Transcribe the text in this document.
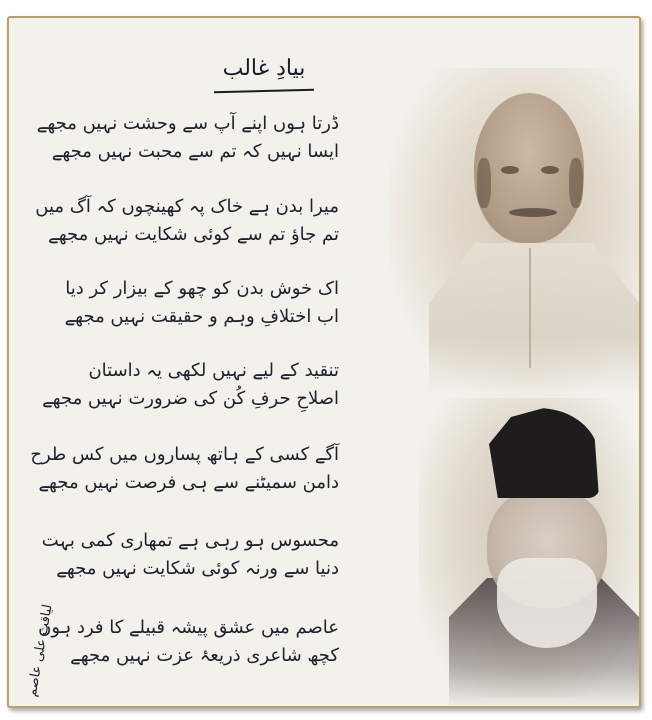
بیادِ غالب
ڈرتا ہوں اپنے آپ سے وحشت نہیں مجھے
ایسا نہیں کہ تم سے محبت نہیں مجھے
میرا بدن ہے خاک پہ کھینچوں کہ آگ میں
تم جاؤ تم سے کوئی شکایت نہیں مجھے
اک خوش بدن کو چھو کے بیزار کر دیا
اب اختلافِ وہم و حقیقت نہیں مجھے
تنقید کے لیے نہیں لکھی یہ داستان
اصلاحِ حرفِ کُن کی ضرورت نہیں مجھے
آگے کسی کے ہاتھ پساروں میں کس طرح
دامن سمیٹنے سے ہی فرصت نہیں مجھے
محسوس ہو رہی ہے تمھاری کمی بہت
دنیا سے ورنہ کوئی شکایت نہیں مجھے
عاصم میں عشق پیشہ قبیلے کا فرد ہوں
کچھ شاعری ذریعۂ عزت نہیں مجھے
لیاقت علی عاصم
